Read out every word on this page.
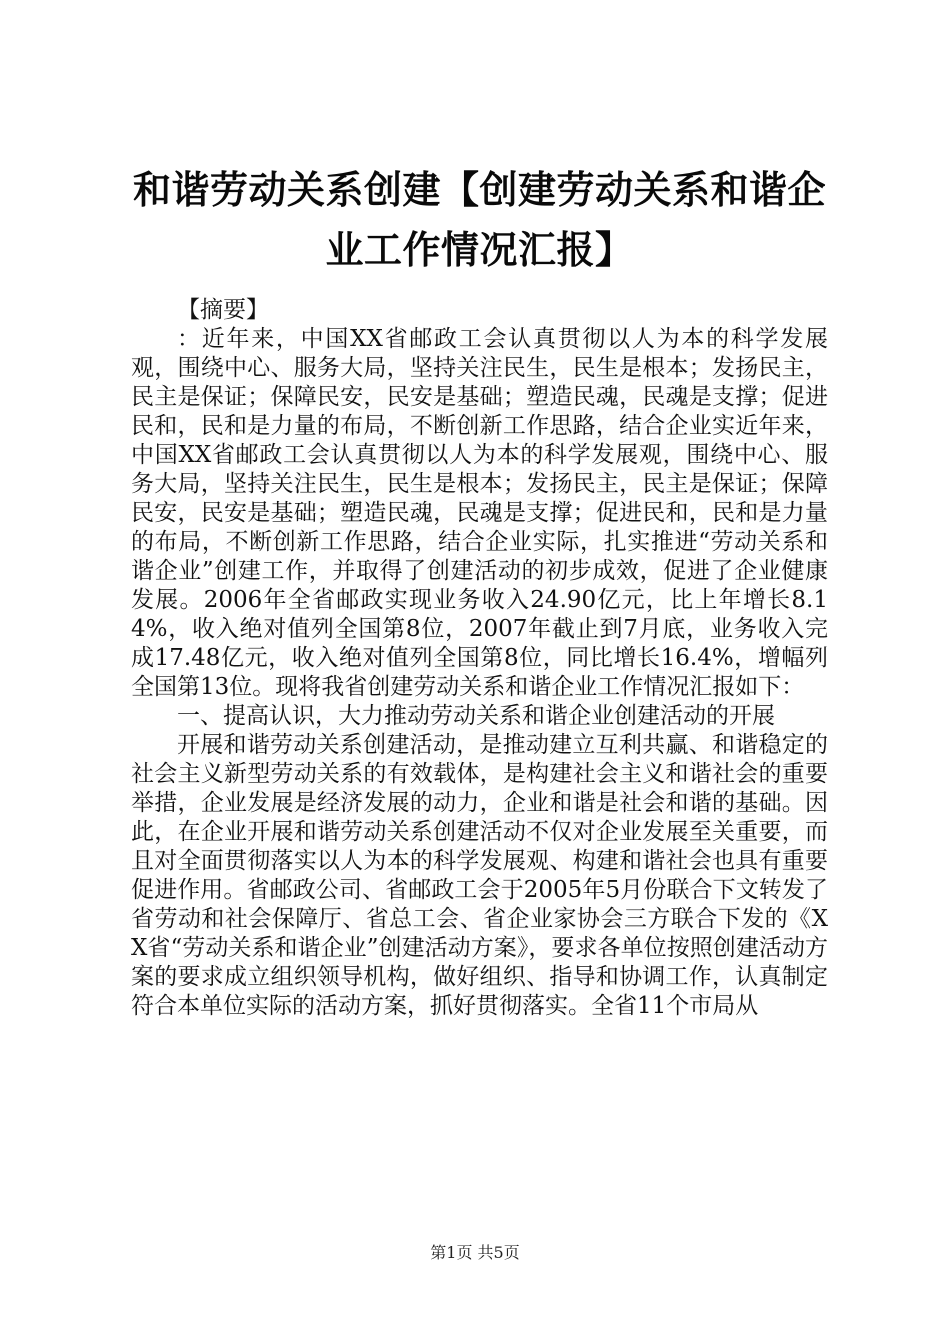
和谐劳动关系创建【创建劳动关系和谐企业工作情况汇报】

【摘要】

：近年来，中国XX省邮政工会认真贯彻以人为本的科学发展观，围绕中心、服务大局，坚持关注民生，民生是根本；发扬民主，民主是保证；保障民安，民安是基础；塑造民魂，民魂是支撑；促进民和，民和是力量的布局，不断创新工作思路，结合企业实近年来，中国XX省邮政工会认真贯彻以人为本的科学发展观，围绕中心、服务大局，坚持关注民生，民生是根本；发扬民主，民主是保证；保障民安，民安是基础；塑造民魂，民魂是支撑；促进民和，民和是力量的布局，不断创新工作思路，结合企业实际，扎实推进“劳动关系和谐企业”创建工作，并取得了创建活动的初步成效，促进了企业健康发展。2006年全省邮政实现业务收入24.90亿元，比上年增长8.14%，收入绝对值列全国第8位，2007年截止到7月底，业务收入完成17.48亿元，收入绝对值列全国第8位，同比增长16.4%，增幅列全国第13位。现将我省创建劳动关系和谐企业工作情况汇报如下：

一、提高认识，大力推动劳动关系和谐企业创建活动的开展

开展和谐劳动关系创建活动，是推动建立互利共赢、和谐稳定的社会主义新型劳动关系的有效载体，是构建社会主义和谐社会的重要举措，企业发展是经济发展的动力，企业和谐是社会和谐的基础。因此，在企业开展和谐劳动关系创建活动不仅对企业发展至关重要，而且对全面贯彻落实以人为本的科学发展观、构建和谐社会也具有重要促进作用。省邮政公司、省邮政工会于2005年5月份联合下文转发了省劳动和社会保障厅、省总工会、省企业家协会三方联合下发的《XX省“劳动关系和谐企业”创建活动方案》，要求各单位按照创建活动方案的要求成立组织领导机构，做好组织、指导和协调工作，认真制定符合本单位实际的活动方案，抓好贯彻落实。全省11个市局从

第1页 共5页
